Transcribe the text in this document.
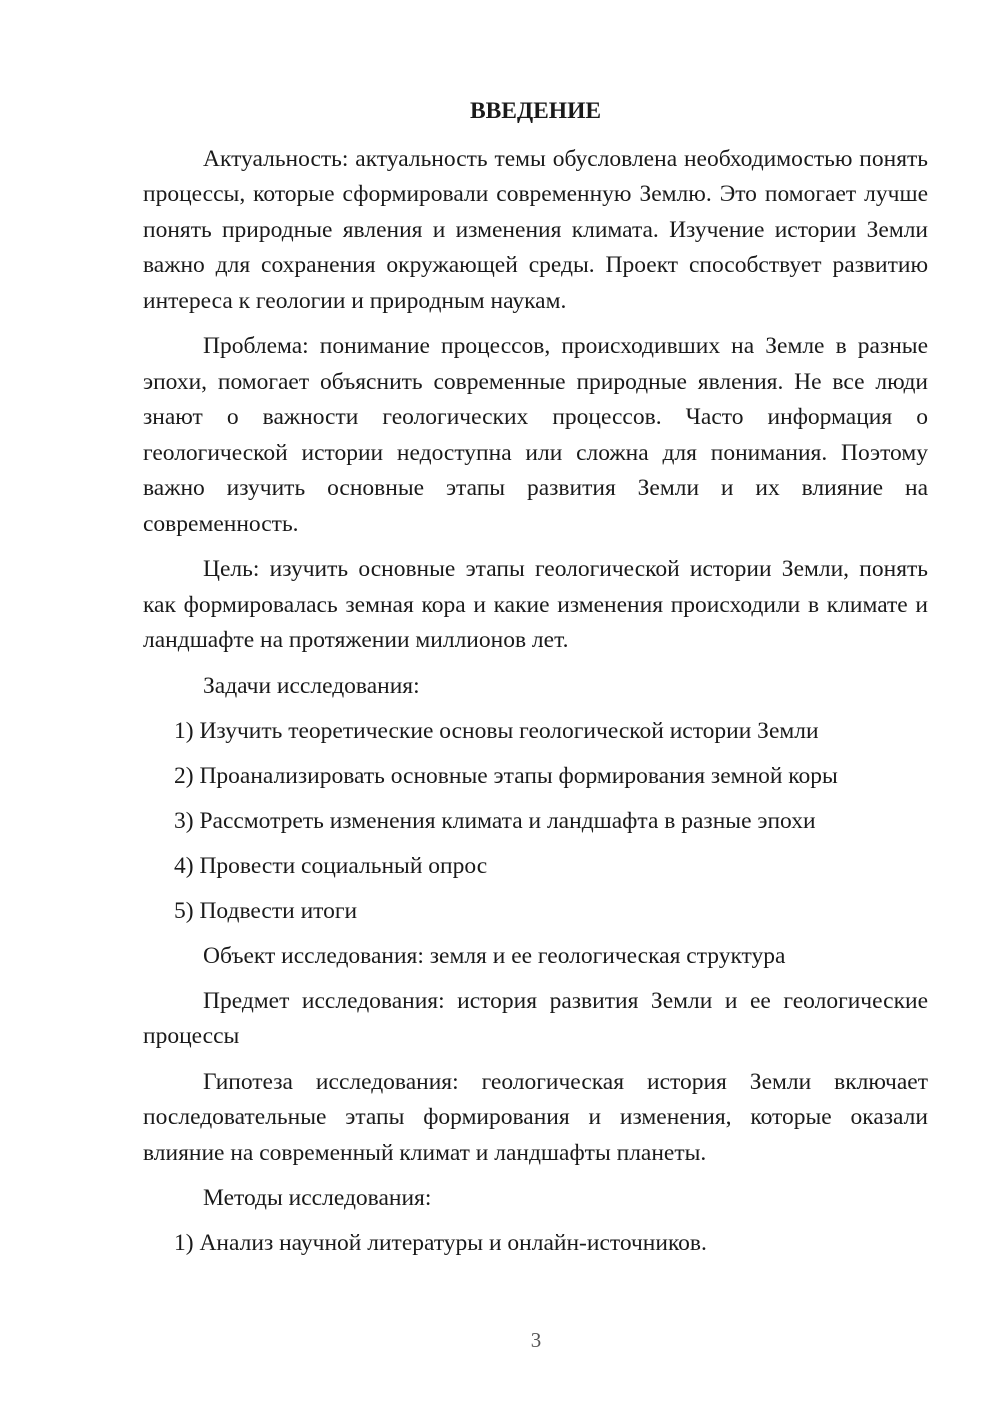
ВВЕДЕНИЕ

Актуальность: актуальность темы обусловлена необходимостью понять процессы, которые сформировали современную Землю. Это помогает лучше понять природные явления и изменения климата. Изучение истории Земли важно для сохранения окружающей среды. Проект способствует развитию интереса к геологии и природным наукам.

Проблема: понимание процессов, происходивших на Земле в разные эпохи, помогает объяснить современные природные явления. Не все люди знают о важности геологических процессов. Часто информация о геологической истории недоступна или сложна для понимания. Поэтому важно изучить основные этапы развития Земли и их влияние на современность.

Цель: изучить основные этапы геологической истории Земли, понять как формировалась земная кора и какие изменения происходили в климате и ландшафте на протяжении миллионов лет.

Задачи исследования:
1) Изучить теоретические основы геологической истории Земли
2) Проанализировать основные этапы формирования земной коры
3) Рассмотреть изменения климата и ландшафта в разные эпохи
4) Провести социальный опрос
5) Подвести итоги
Объект исследования: земля и ее геологическая структура

Предмет исследования: история развития Земли и ее геологические процессы

Гипотеза исследования: геологическая история Земли включает последовательные этапы формирования и изменения, которые оказали влияние на современный климат и ландшафты планеты.

Методы исследования:
1) Анализ научной литературы и онлайн-источников.
3
